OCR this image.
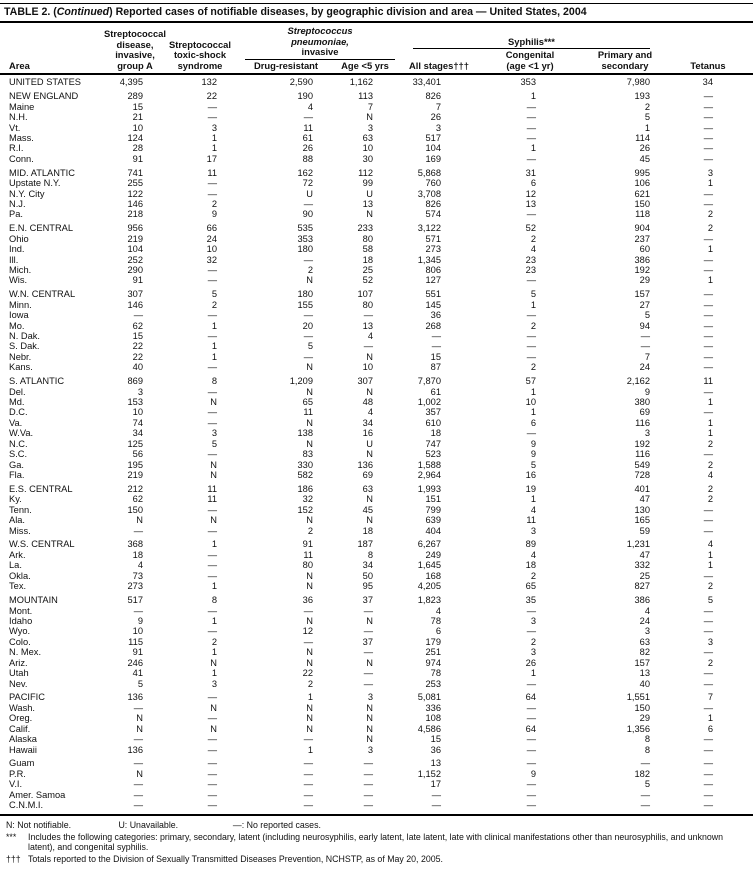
TABLE 2. (Continued) Reported cases of notifiable diseases, by geographic division and area — United States, 2004
Area
Streptococcal
disease,
invasive,
group A
Streptococcal
toxic-shock
syndrome
Streptococcus
pneumoniae,
invasive
Drug-resistant Age <5 yrs
Syphilis***
All stages†††
Congenital
(age <1 yr)
Primary and
secondary	Tetanus
UNITED STATES	4,395	132	2,590	1,162	33,401	353	7,980	34
NEW ENGLAND	289	22	190	113	826	1	193	—
Maine	15	—	4	7	7	—	2	—
N.H.	21	—	—	N	26	—	5	—
Vt.	10	3	11	3	3	—	1	—
Mass.	124	1	61	63	517	—	114	—
R.I.	28	1	26	10	104	1	26	—
Conn.	91	17	88	30	169	—	45	—
MID. ATLANTIC	741	11	162	112	5,868	31	995	3
Upstate N.Y.	255	—	72	99	760	6	106	1
N.Y. City	122	—	U	U	3,708	12	621	—
N.J.	146	2	—	13	826	13	150	—
Pa.	218	9	90	N	574	—	118	2
E.N. CENTRAL	956	66	535	233	3,122	52	904	2
Ohio	219	24	353	80	571	2	237	—
Ind.	104	10	180	58	273	4	60	1
Ill.	252	32	—	18	1,345	23	386	—
Mich.	290	—	2	25	806	23	192	—
Wis.	91	—	N	52	127	—	29	1
W.N. CENTRAL	307	5	180	107	551	5	157	—
Minn.	146	2	155	80	145	1	27	—
Iowa	—	—	—	—	36	—	5	—
Mo.	62	1	20	13	268	2	94	—
N. Dak.	15	—	—	4	—	—	—	—
S. Dak.	22	1	5	—	—	—	—	—
Nebr.	22	1	—	N	15	—	7	—
Kans.	40	—	N	10	87	2	24	—
S. ATLANTIC	869	8	1,209	307	7,870	57	2,162	11
Del.	3	—	N	N	61	1	9	—
Md.	153	N	65	48	1,002	10	380	1
D.C.	10	—	11	4	357	1	69	—
Va.	74	—	N	34	610	6	116	1
W.Va.	34	3	138	16	18	—	3	1
N.C.	125	5	N	U	747	9	192	2
S.C.	56	—	83	N	523	9	116	—
Ga.	195	N	330	136	1,588	5	549	2
Fla.	219	N	582	69	2,964	16	728	4
E.S. CENTRAL	212	11	186	63	1,993	19	401	2
Ky.	62	11	32	N	151	1	47	2
Tenn.	150	—	152	45	799	4	130	—
Ala.	N	N	N	N	639	11	165	—
Miss.	—	—	2	18	404	3	59	—
W.S. CENTRAL	368	1	91	187	6,267	89	1,231	4
Ark.	18	—	11	8	249	4	47	1
La.	4	—	80	34	1,645	18	332	1
Okla.	73	—	N	50	168	2	25	—
Tex.	273	1	N	95	4,205	65	827	2
MOUNTAIN	517	8	36	37	1,823	35	386	5
Mont.	—	—	—	—	4	—	4	—
Idaho	9	1	N	N	78	3	24	—
Wyo.	10	—	12	—	6	—	3	—
Colo.	115	2	—	37	179	2	63	3
N. Mex.	91	1	N	—	251	3	82	—
Ariz.	246	N	N	N	974	26	157	2
Utah	41	1	22	—	78	1	13	—
Nev.	5	3	2	—	253	—	40	—
PACIFIC	136	—	1	3	5,081	64	1,551	7
Wash.	—	N	N	N	336	—	150	—
Oreg.	N	—	N	N	108	—	29	1
Calif.	N	N	N	N	4,586	64	1,356	6
Alaska	—	—	—	N	15	—	8	—
Hawaii	136	—	1	3	36	—	8	—
Guam	—	—	—	—	13	—	—	—
P.R.	N	—	—	—	1,152	9	182	—
V.I.	—	—	—	—	17	—	5	—
Amer. Samoa	—	—	—	—	—	—	—	—
C.N.M.I.	—	—	—	—	—	—	—	—
N: Not notifiable.	U: Unavailable.	—: No reported cases.
***	Includes the following categories: primary, secondary, latent (including neurosyphilis, early latent, late latent, late with clinical manifestations other than neurosyphilis, and unknown latent), and congenital syphilis.
††† Totals reported to the Division of Sexually Transmitted Diseases Prevention, NCHSTP, as of May 20, 2005.
